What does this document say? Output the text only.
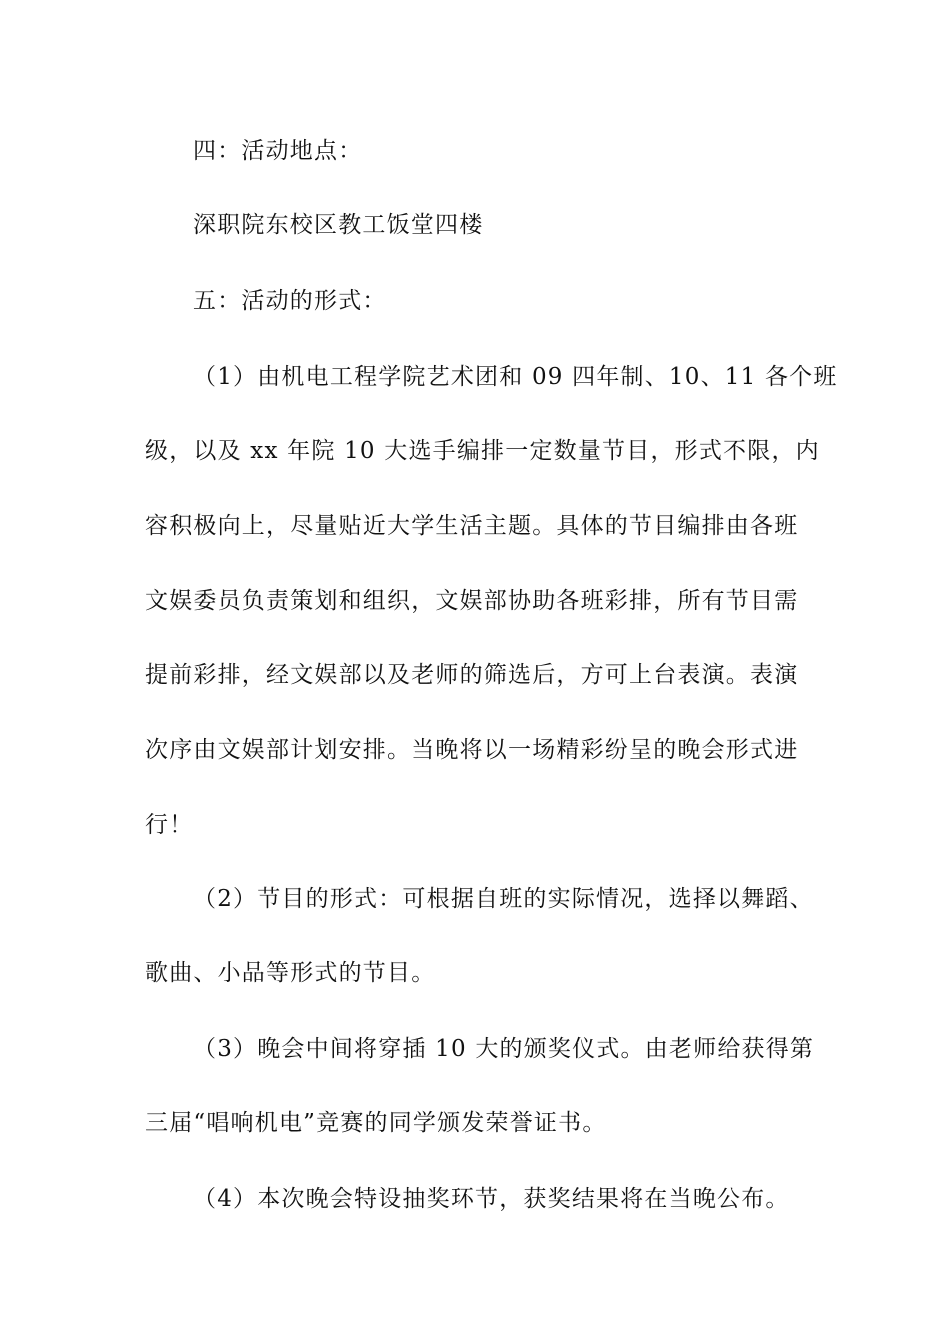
四：活动地点：
深职院东校区教工饭堂四楼
五：活动的形式：
（1）由机电工程学院艺术团和 09 四年制、10、11 各个班
级，以及 xx 年院 10 大选手编排一定数量节目，形式不限，内
容积极向上，尽量贴近大学生活主题。具体的节目编排由各班
文娱委员负责策划和组织，文娱部协助各班彩排，所有节目需
提前彩排，经文娱部以及老师的筛选后，方可上台表演。表演
次序由文娱部计划安排。当晚将以一场精彩纷呈的晚会形式进
行！
（2）节目的形式：可根据自班的实际情况，选择以舞蹈、
歌曲、小品等形式的节目。
（3）晚会中间将穿插 10 大的颁奖仪式。由老师给获得第
三届“唱响机电”竞赛的同学颁发荣誉证书。
（4）本次晚会特设抽奖环节，获奖结果将在当晚公布。
